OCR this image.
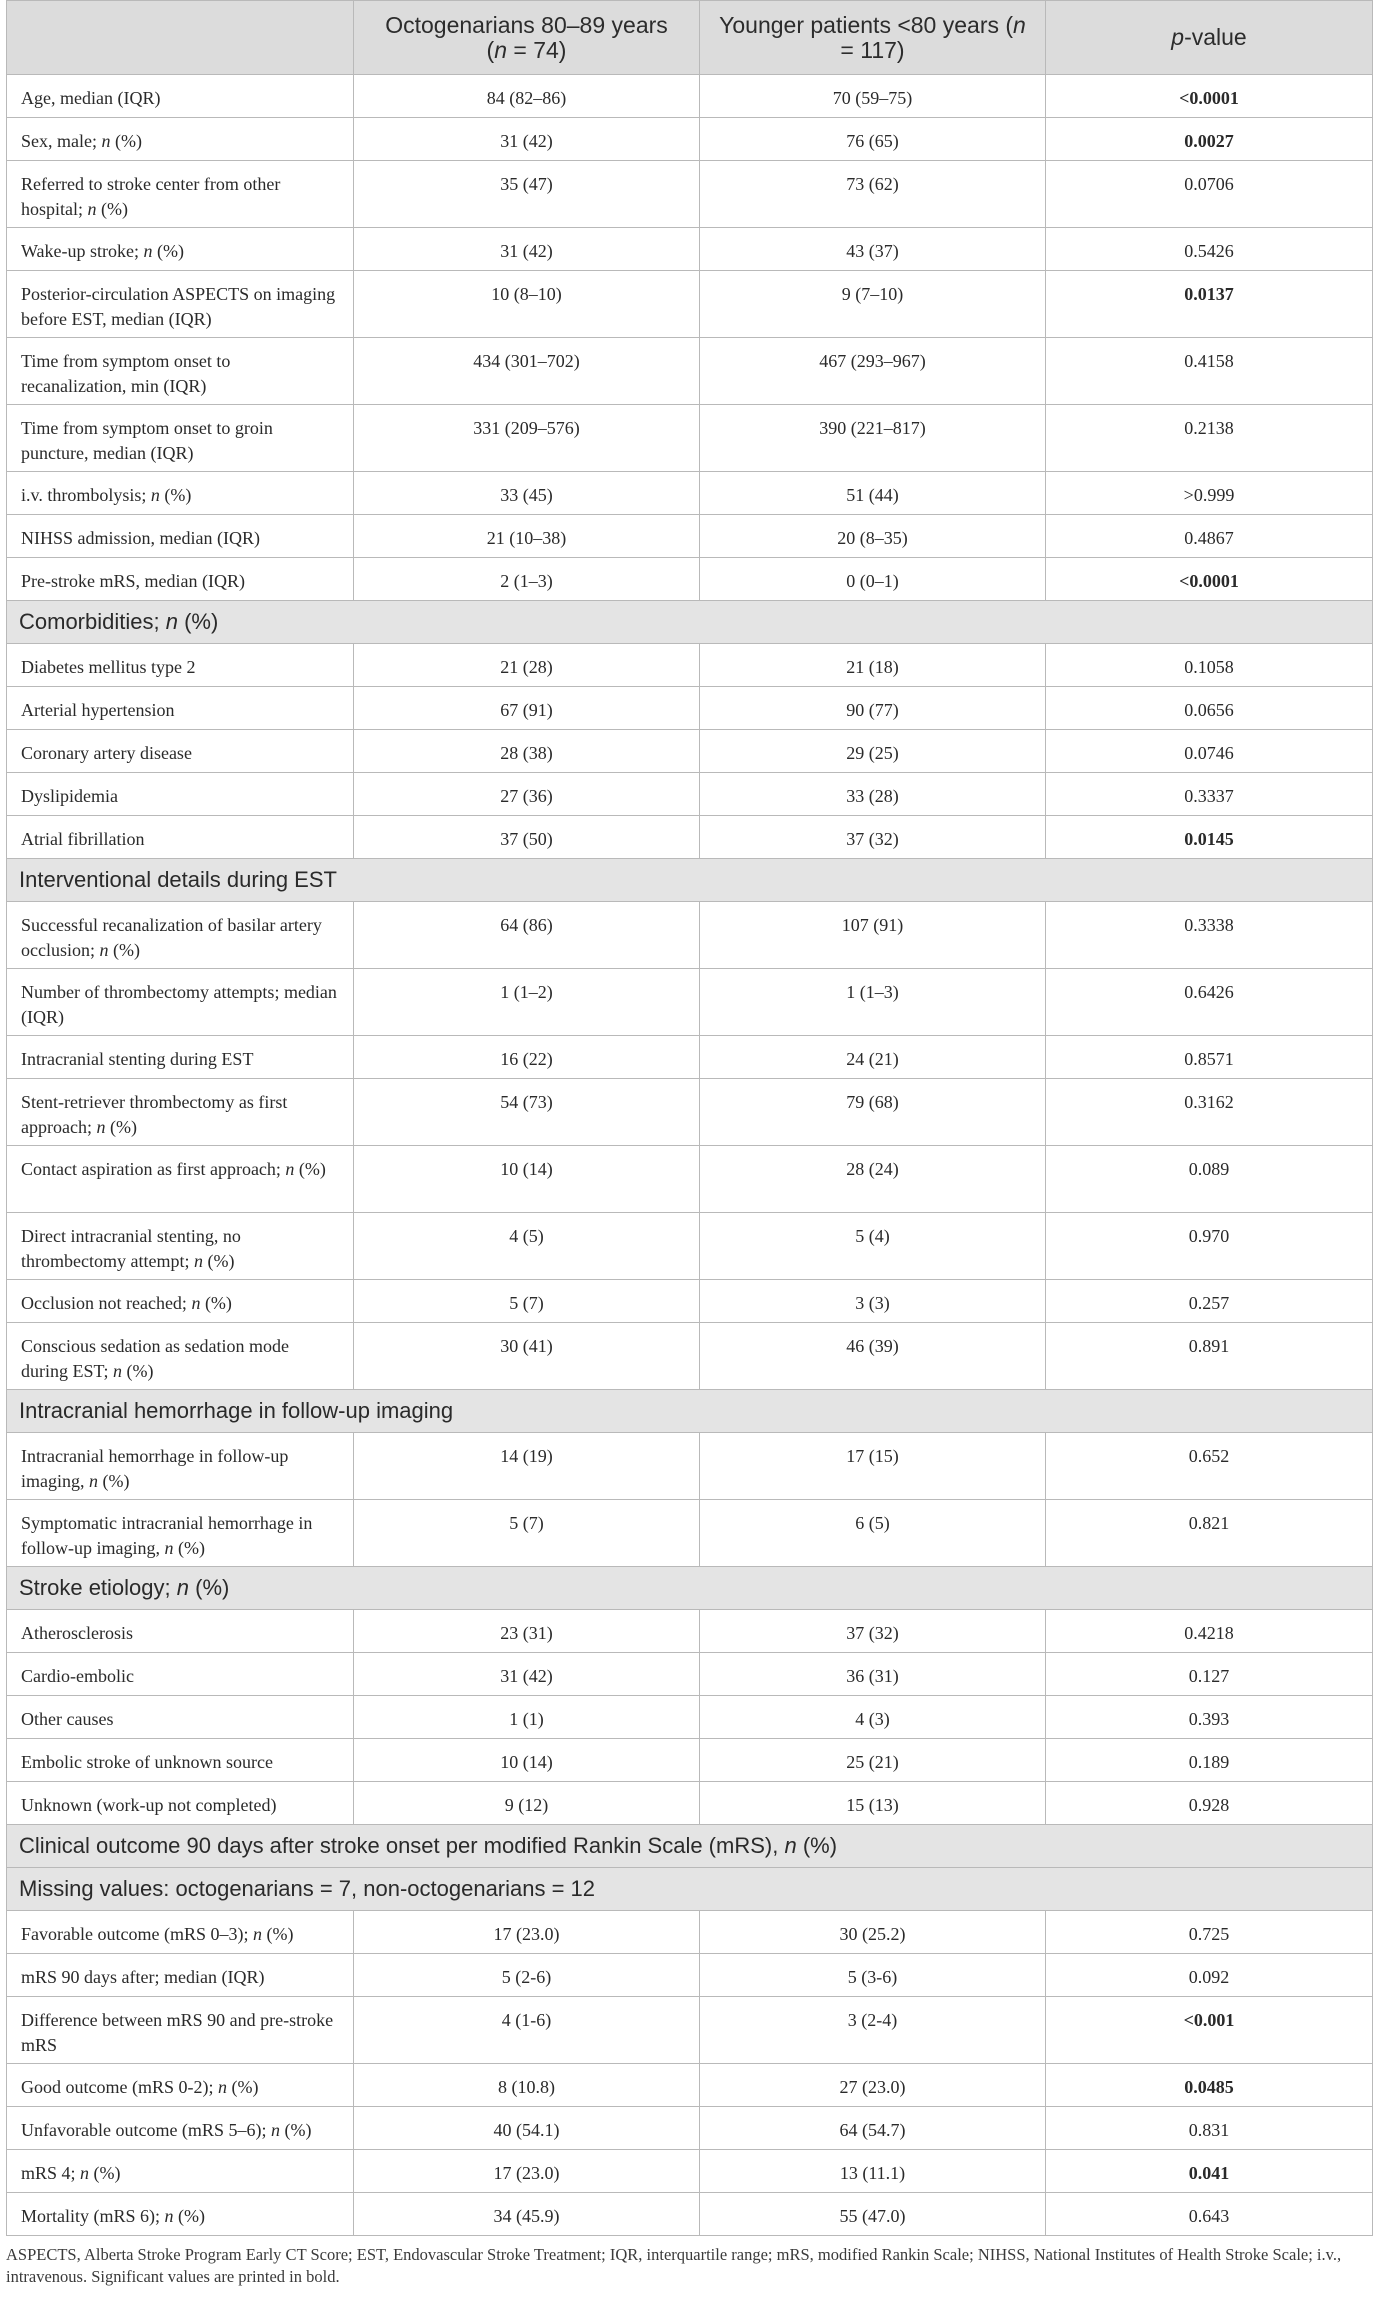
	Octogenarians 80–89 years (n = 74)	Younger patients <80 years (n = 117)	p-value
Age, median (IQR)	84 (82–86)	70 (59–75)	<0.0001
Sex, male; n (%)	31 (42)	76 (65)	0.0027
Referred to stroke center from other hospital; n (%)	35 (47)	73 (62)	0.0706
Wake-up stroke; n (%)	31 (42)	43 (37)	0.5426
Posterior-circulation ASPECTS on imaging before EST, median (IQR)	10 (8–10)	9 (7–10)	0.0137
Time from symptom onset to recanalization, min (IQR)	434 (301–702)	467 (293–967)	0.4158
Time from symptom onset to groin puncture, median (IQR)	331 (209–576)	390 (221–817)	0.2138
i.v. thrombolysis; n (%)	33 (45)	51 (44)	>0.999
NIHSS admission, median (IQR)	21 (10–38)	20 (8–35)	0.4867
Pre-stroke mRS, median (IQR)	2 (1–3)	0 (0–1)	<0.0001
Comorbidities; n (%)			
Diabetes mellitus type 2	21 (28)	21 (18)	0.1058
Arterial hypertension	67 (91)	90 (77)	0.0656
Coronary artery disease	28 (38)	29 (25)	0.0746
Dyslipidemia	27 (36)	33 (28)	0.3337
Atrial fibrillation	37 (50)	37 (32)	0.0145
Interventional details during EST			
Successful recanalization of basilar artery occlusion; n (%)	64 (86)	107 (91)	0.3338
Number of thrombectomy attempts; median (IQR)	1 (1–2)	1 (1–3)	0.6426
Intracranial stenting during EST	16 (22)	24 (21)	0.8571
Stent-retriever thrombectomy as first approach; n (%)	54 (73)	79 (68)	0.3162
Contact aspiration as first approach; n (%)	10 (14)	28 (24)	0.089
Direct intracranial stenting, no thrombectomy attempt; n (%)	4 (5)	5 (4)	0.970
Occlusion not reached; n (%)	5 (7)	3 (3)	0.257
Conscious sedation as sedation mode during EST; n (%)	30 (41)	46 (39)	0.891
Intracranial hemorrhage in follow-up imaging			
Intracranial hemorrhage in follow-up imaging, n (%)	14 (19)	17 (15)	0.652
Symptomatic intracranial hemorrhage in follow-up imaging, n (%)	5 (7)	6 (5)	0.821
Stroke etiology; n (%)			
Atherosclerosis	23 (31)	37 (32)	0.4218
Cardio-embolic	31 (42)	36 (31)	0.127
Other causes	1 (1)	4 (3)	0.393
Embolic stroke of unknown source	10 (14)	25 (21)	0.189
Unknown (work-up not completed)	9 (12)	15 (13)	0.928
Clinical outcome 90 days after stroke onset per modified Rankin Scale (mRS), n (%)			
Missing values: octogenarians = 7, non-octogenarians = 12			
Favorable outcome (mRS 0–3); n (%)	17 (23.0)	30 (25.2)	0.725
mRS 90 days after; median (IQR)	5 (2-6)	5 (3-6)	0.092
Difference between mRS 90 and pre-stroke mRS	4 (1-6)	3 (2-4)	<0.001
Good outcome (mRS 0-2); n (%)	8 (10.8)	27 (23.0)	0.0485
Unfavorable outcome (mRS 5–6); n (%)	40 (54.1)	64 (54.7)	0.831
mRS 4; n (%)	17 (23.0)	13 (11.1)	0.041
Mortality (mRS 6); n (%)	34 (45.9)	55 (47.0)	0.643
ASPECTS, Alberta Stroke Program Early CT Score; EST, Endovascular Stroke Treatment; IQR, interquartile range; mRS, modified Rankin Scale; NIHSS, National Institutes of Health Stroke Scale; i.v., intravenous. Significant values are printed in bold.
